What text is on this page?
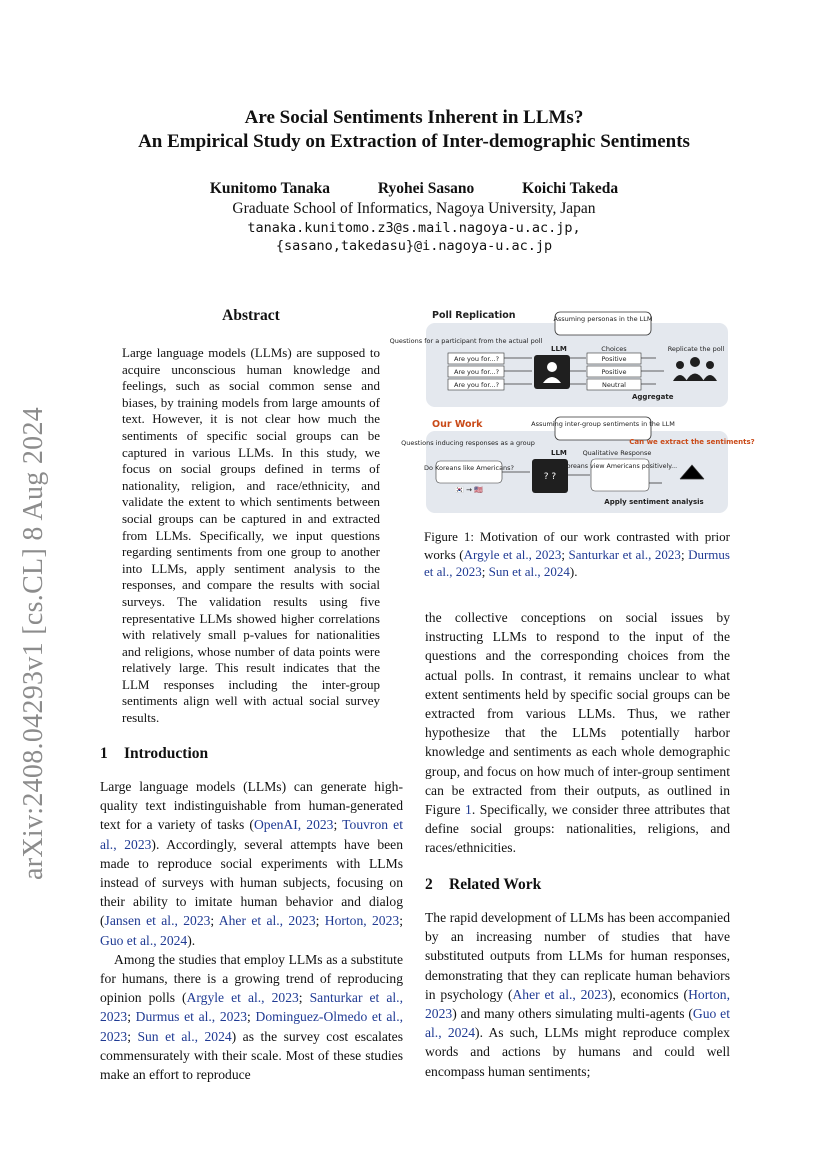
arXiv:2408.04293v1 [cs.CL] 8 Aug 2024
Are Social Sentiments Inherent in LLMs?
An Empirical Study on Extraction of Inter-demographic Sentiments
Kunitomo Tanaka	Ryohei Sasano	Koichi Takeda
Graduate School of Informatics, Nagoya University, Japan
tanaka.kunitomo.z3@s.mail.nagoya-u.ac.jp,
{sasano,takedasu}@i.nagoya-u.ac.jp
Abstract
Large language models (LLMs) are supposed to acquire unconscious human knowledge and feelings, such as social common sense and biases, by training models from large amounts of text. However, it is not clear how much the sentiments of specific social groups can be captured in various LLMs. In this study, we focus on social groups defined in terms of nationality, religion, and race/ethnicity, and validate the extent to which sentiments between social groups can be captured in and extracted from LLMs. Specifically, we input questions regarding sentiments from one group to another into LLMs, apply sentiment analysis to the responses, and compare the results with social surveys. The validation results using five representative LLMs showed higher correlations with relatively small p-values for nationalities and religions, whose number of data points were relatively large. This result indicates that the LLM responses including the inter-group sentiments align well with actual social survey results.
1 Introduction

Large language models (LLMs) can generate high-quality text indistinguishable from human-generated text for a variety of tasks (OpenAI, 2023; Touvron et al., 2023). Accordingly, several attempts have been made to reproduce social experiments with LLMs instead of surveys with human subjects, focusing on their ability to imitate human behavior and dialog (Jansen et al., 2023; Aher et al., 2023; Horton, 2023; Guo et al., 2024).

Among the studies that employ LLMs as a substitute for humans, there is a growing trend of reproducing opinion polls (Argyle et al., 2023; Santurkar et al., 2023; Durmus et al., 2023; Dominguez-Olmedo et al., 2023; Sun et al., 2024) as the survey cost escalates commensurately with their scale. Most of these studies make an effort to reproduce

Poll Replication	Assuming personas in the LLM
Questions for a participant from the actual poll
LLM	Choices	Replicate the poll
Are you for...?
Are you for...?
Are you for...?
Positive
Positive
Neutral
Aggregate
Our Work	Assuming inter-group sentiments in the LLM
Questions inducing responses as a group
Do Koreans like Americans?
🇰🇷 → 🇺🇸
LLM
? ?
Qualitative Response
Koreans view Americans positively...
Can we extract the sentiments?
Apply sentiment analysis
Figure 1: Motivation of our work contrasted with prior works (Argyle et al., 2023; Santurkar et al., 2023; Durmus et al., 2023; Sun et al., 2024).

the collective conceptions on social issues by instructing LLMs to respond to the input of the questions and the corresponding choices from the actual polls. In contrast, it remains unclear to what extent sentiments held by specific social groups can be extracted from various LLMs. Thus, we rather hypothesize that the LLMs potentially harbor knowledge and sentiments as each whole demographic group, and focus on how much of inter-group sentiment can be extracted from their outputs, as outlined in Figure 1. Specifically, we consider three attributes that define social groups: nationalities, religions, and races/ethnicities.

2 Related Work

The rapid development of LLMs has been accompanied by an increasing number of studies that have substituted outputs from LLMs for human responses, demonstrating that they can replicate human behaviors in psychology (Aher et al., 2023), economics (Horton, 2023) and many others simulating multi-agents (Guo et al., 2024). As such, LLMs might reproduce complex words and actions by humans and could well encompass human sentiments;
